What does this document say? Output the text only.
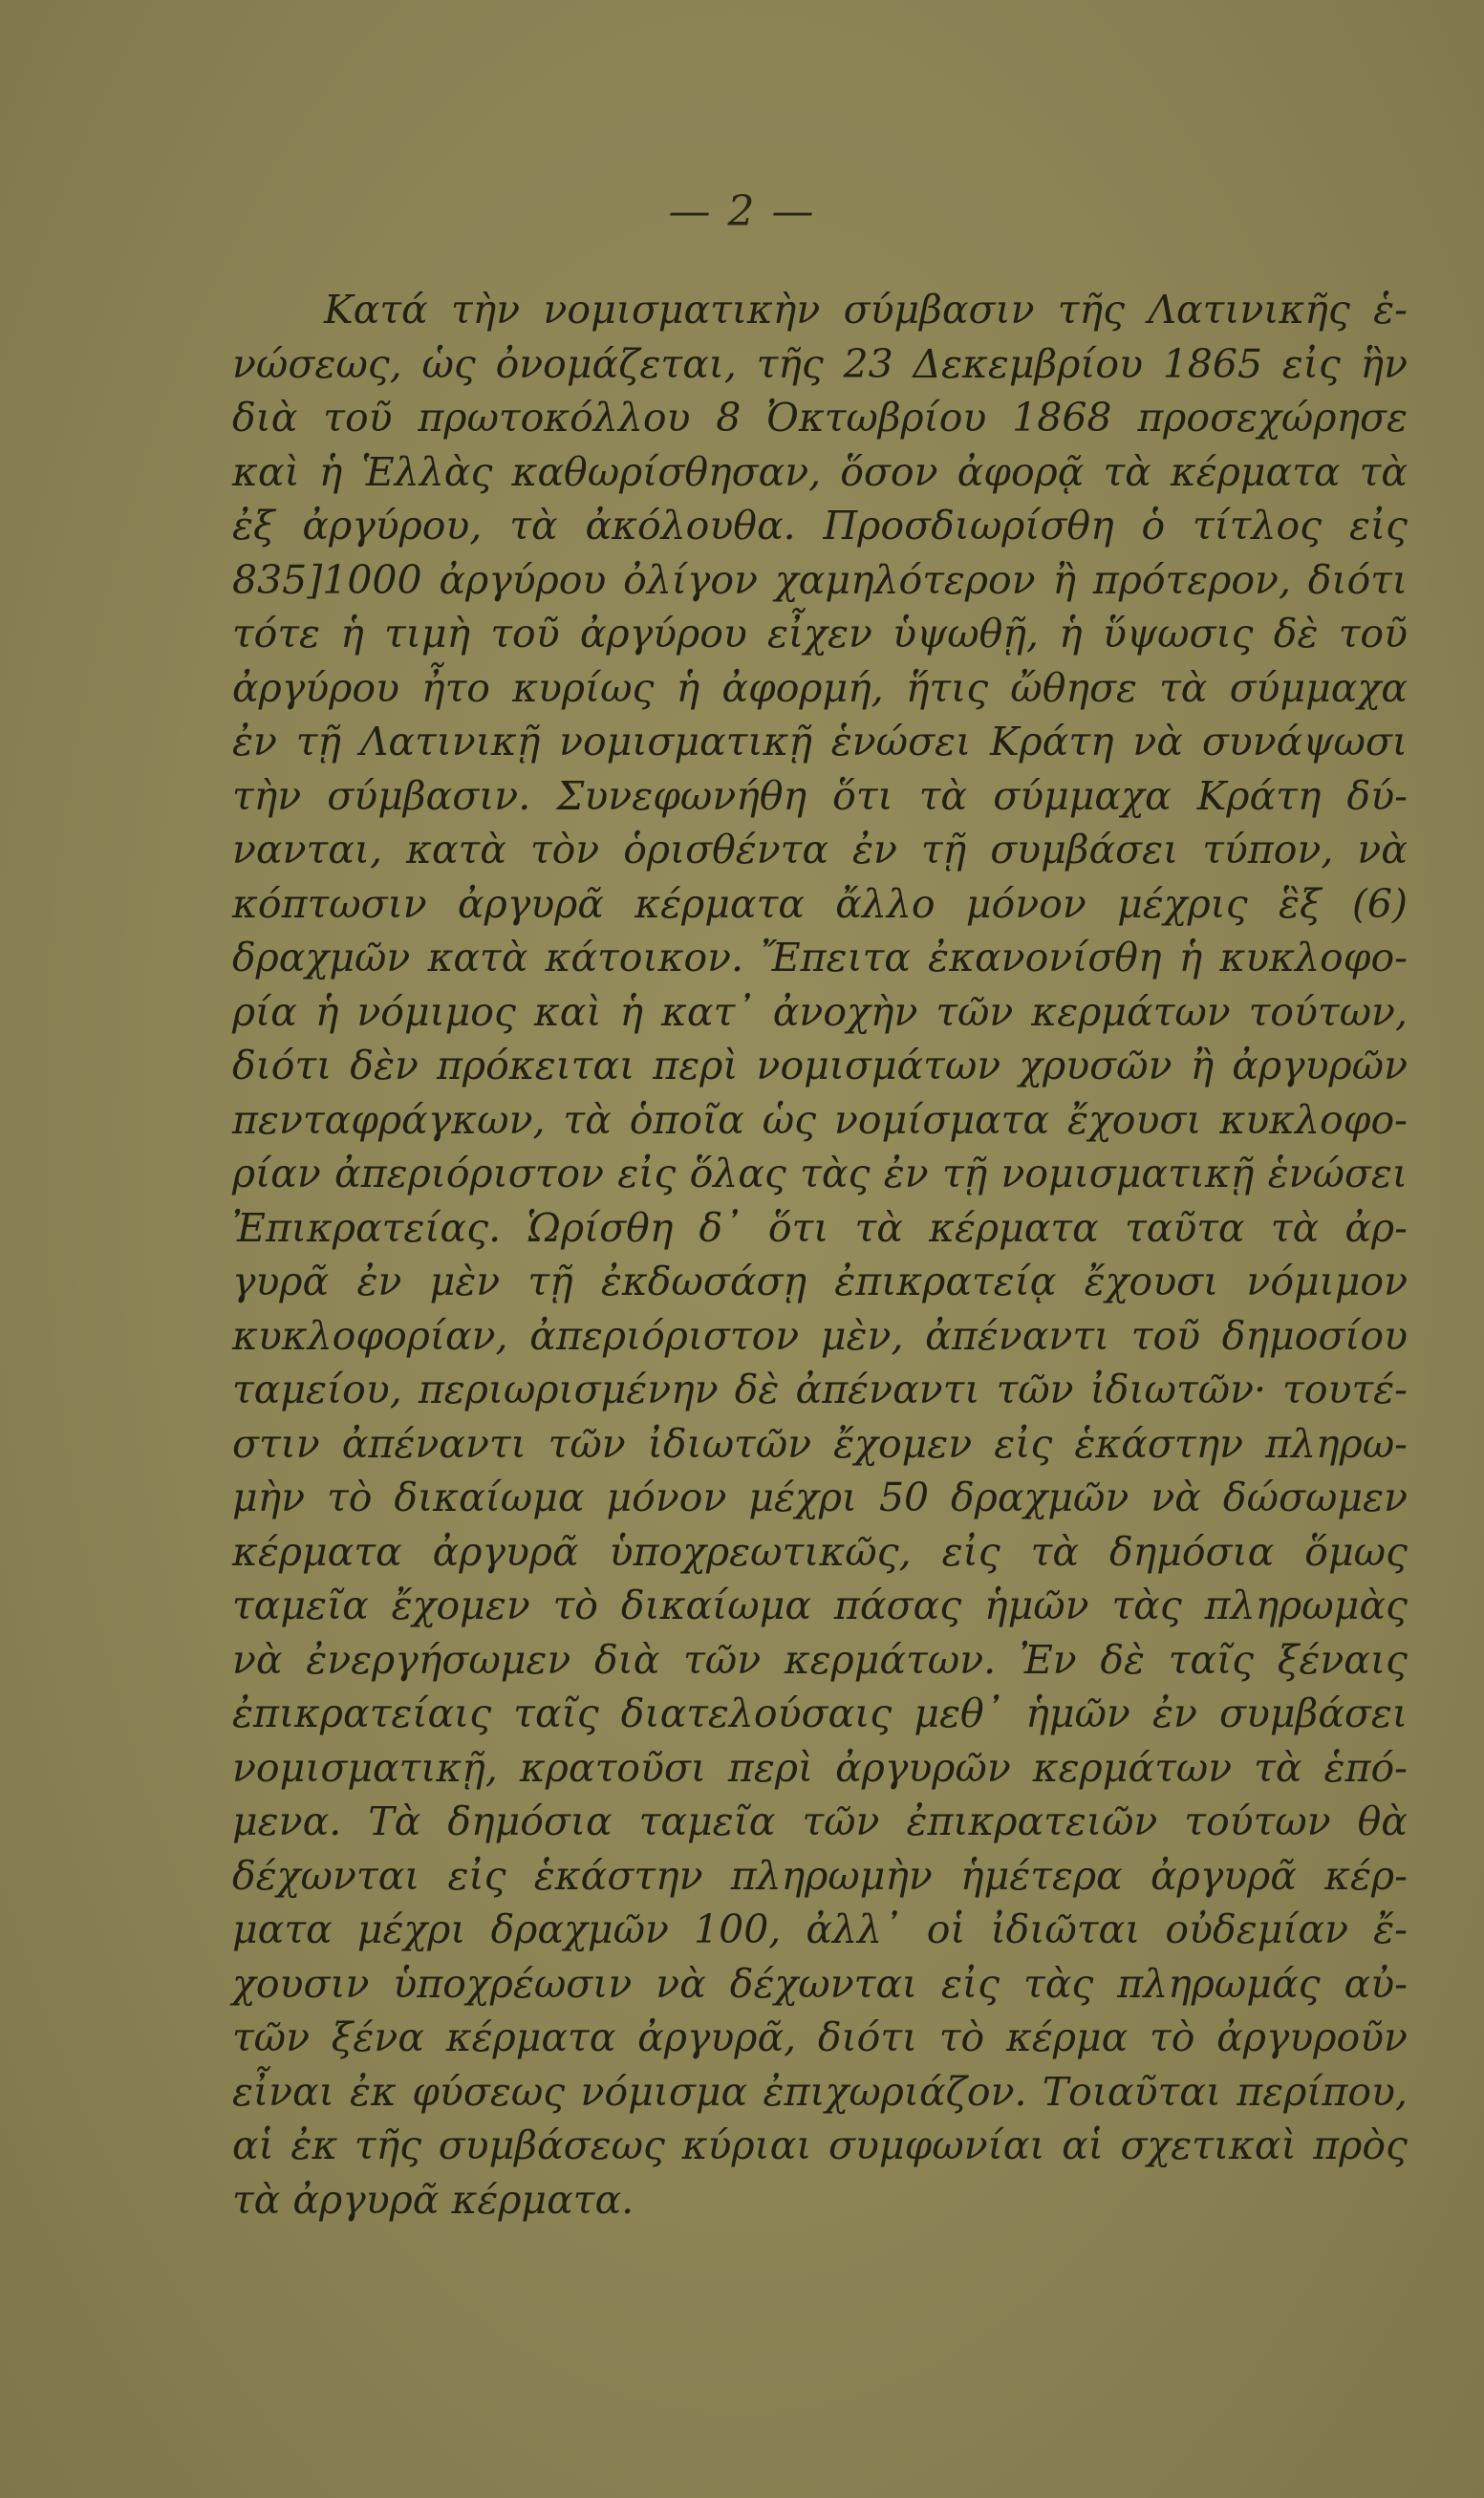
— 2 —
Κατά τὴν νομισματικὴν σύμβασιν τῆς Λατινικῆς ἑ-
νώσεως, ὡς ὀνομάζεται, τῆς 23 Δεκεμβρίου 1865 εἰς ἣν
διὰ τοῦ πρωτοκόλλου 8 Ὀκτωβρίου 1868 προσεχώρησε
καὶ ἡ Ἑλλὰς καθωρίσθησαν, ὅσον ἀφορᾷ τὰ κέρματα τὰ
ἐξ ἀργύρου, τὰ ἀκόλουθα. Προσδιωρίσθη ὁ τίτλος εἰς
835]1000 ἀργύρου ὀλίγον χαμηλότερον ἢ πρότερον, διότι
τότε ἡ τιμὴ τοῦ ἀργύρου εἶχεν ὑψωθῇ, ἡ ὕψωσις δὲ τοῦ
ἀργύρου ἦτο κυρίως ἡ ἀφορμή, ἥτις ὤθησε τὰ σύμμαχα
ἐν τῇ Λατινικῇ νομισματικῇ ἑνώσει Κράτη νὰ συνάψωσι
τὴν σύμβασιν. Συνεφωνήθη ὅτι τὰ σύμμαχα Κράτη δύ-
νανται, κατὰ τὸν ὁρισθέντα ἐν τῇ συμβάσει τύπον, νὰ
κόπτωσιν ἀργυρᾶ κέρματα ἄλλο μόνον μέχρις ἓξ (6)
δραχμῶν κατὰ κάτοικον. Ἔπειτα ἐκανονίσθη ἡ κυκλοφο-
ρία ἡ νόμιμος καὶ ἡ κατ᾽ ἀνοχὴν τῶν κερμάτων τούτων,
διότι δὲν πρόκειται περὶ νομισμάτων χρυσῶν ἢ ἀργυρῶν
πενταφράγκων, τὰ ὁποῖα ὡς νομίσματα ἔχουσι κυκλοφο-
ρίαν ἀπεριόριστον εἰς ὅλας τὰς ἐν τῇ νομισματικῇ ἑνώσει
Ἐπικρατείας. Ὡρίσθη δ᾽ ὅτι τὰ κέρματα ταῦτα τὰ ἀρ-
γυρᾶ ἐν μὲν τῇ ἐκδωσάσῃ ἐπικρατείᾳ ἔχουσι νόμιμον
κυκλοφορίαν, ἀπεριόριστον μὲν, ἀπέναντι τοῦ δημοσίου
ταμείου, περιωρισμένην δὲ ἀπέναντι τῶν ἰδιωτῶν· τουτέ-
στιν ἀπέναντι τῶν ἰδιωτῶν ἔχομεν εἰς ἑκάστην πληρω-
μὴν τὸ δικαίωμα μόνον μέχρι 50 δραχμῶν νὰ δώσωμεν
κέρματα ἀργυρᾶ ὑποχρεωτικῶς, εἰς τὰ δημόσια ὅμως
ταμεῖα ἔχομεν τὸ δικαίωμα πάσας ἡμῶν τὰς πληρωμὰς
νὰ ἐνεργήσωμεν διὰ τῶν κερμάτων. Ἐν δὲ ταῖς ξέναις
ἐπικρατείαις ταῖς διατελούσαις μεθ᾽ ἡμῶν ἐν συμβάσει
νομισματικῇ, κρατοῦσι περὶ ἀργυρῶν κερμάτων τὰ ἑπό-
μενα. Τὰ δημόσια ταμεῖα τῶν ἐπικρατειῶν τούτων θὰ
δέχωνται εἰς ἑκάστην πληρωμὴν ἡμέτερα ἀργυρᾶ κέρ-
ματα μέχρι δραχμῶν 100, ἀλλ᾽ οἱ ἰδιῶται οὐδεμίαν ἔ-
χουσιν ὑποχρέωσιν νὰ δέχωνται εἰς τὰς πληρωμάς αὐ-
τῶν ξένα κέρματα ἀργυρᾶ, διότι τὸ κέρμα τὸ ἀργυροῦν
εἶναι ἐκ φύσεως νόμισμα ἐπιχωριάζον. Τοιαῦται περίπου,
αἱ ἐκ τῆς συμβάσεως κύριαι συμφωνίαι αἱ σχετικαὶ πρὸς
τὰ ἀργυρᾶ κέρματα.
